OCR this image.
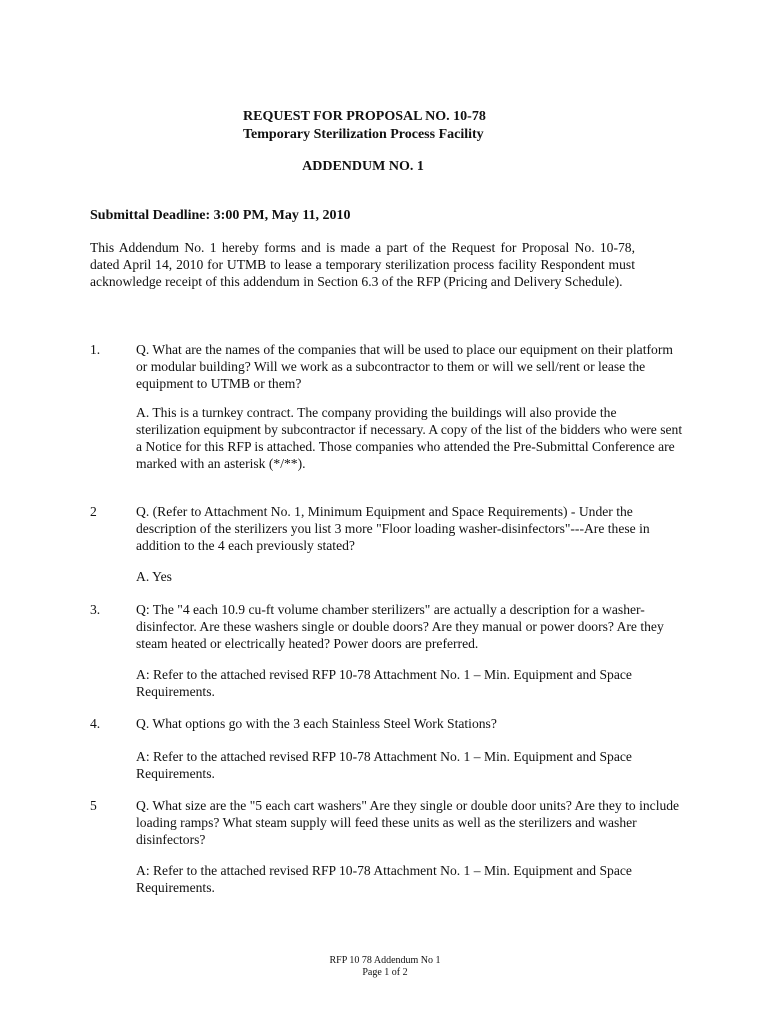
REQUEST FOR PROPOSAL NO. 10-78
Temporary Sterilization Process Facility
ADDENDUM NO. 1
Submittal Deadline: 3:00 PM, May 11, 2010

This Addendum No. 1 hereby forms and is made a part of the Request for Proposal No. 10-78, dated April 14, 2010 for UTMB to lease a temporary sterilization process facility Respondent must acknowledge receipt of this addendum in Section 6.3 of the RFP (Pricing and Delivery Schedule).

1.	Q. What are the names of the companies that will be used to place our equipment on their platform or modular building? Will we work as a subcontractor to them or will we sell/rent or lease the equipment to UTMB or them?

A. This is a turnkey contract. The company providing the buildings will also provide the sterilization equipment by subcontractor if necessary. A copy of the list of the bidders who were sent a Notice for this RFP is attached. Those companies who attended the Pre-Submittal Conference are marked with an asterisk (*/**).

2	Q. (Refer to Attachment No. 1, Minimum Equipment and Space Requirements) - Under the description of the sterilizers you list 3 more "Floor loading washer-disinfectors"---Are these in addition to the 4 each previously stated?

A. Yes

3.	Q: The "4 each 10.9 cu-ft volume chamber sterilizers" are actually a description for a washer-disinfector. Are these washers single or double doors? Are they manual or power doors? Are they steam heated or electrically heated? Power doors are preferred.

A: Refer to the attached revised RFP 10-78 Attachment No. 1 – Min. Equipment and Space Requirements.

4.	Q. What options go with the 3 each Stainless Steel Work Stations?

A: Refer to the attached revised RFP 10-78 Attachment No. 1 – Min. Equipment and Space Requirements.

5	Q. What size are the "5 each cart washers" Are they single or double door units? Are they to include loading ramps? What steam supply will feed these units as well as the sterilizers and washer disinfectors?

A: Refer to the attached revised RFP 10-78 Attachment No. 1 – Min. Equipment and Space Requirements.

RFP 10 78 Addendum No 1
Page 1 of 2
